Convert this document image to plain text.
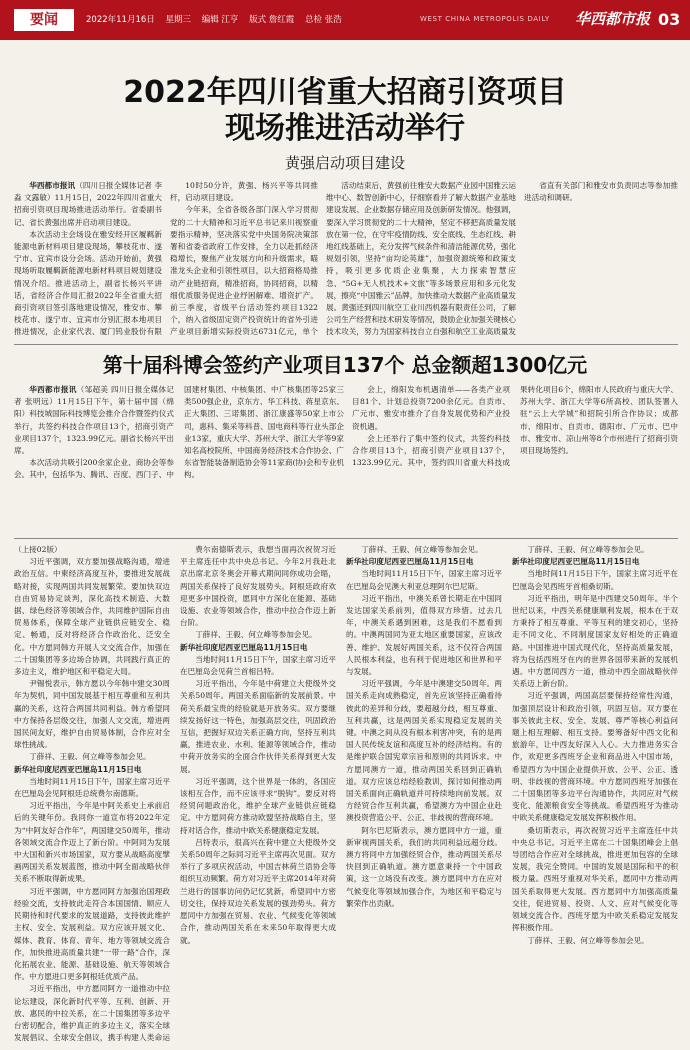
要闻	2022年11月16日 星期三 编辑 江亨 版式 詹红霞 总检 张浩	WEST CHINA METROPOLIS DAILY 华西都市报 03
2022年四川省重大招商引资项目
现场推进活动举行
黄强启动项目建设

华西都市报讯（四川日报全媒体记者 李淼 文露敏）11月15日，2022年四川省重大招商引资项目现场推进活动举行。省委副书记、省长黄强出席并启动项目建设。

本次活动主会场设在雅安经开区履羁新能源电新材料项目建设现场，攀枝花市、遂宁市、宜宾市设分会场。活动开始前，黄强现场听取履羁新能源电新材料项目规划建设情况介绍。推进活动上，副省长杨兴平讲话，省经济合作局汇报2022年全省重大招商引资项目签引落地建设情况，雅安市、攀枝花市、遂宁市、宜宾市分别汇报本地项目推进情况，企业家代表、厦门钨业股份有限

10时50分许，黄强、杨兴平等共同推杆，启动项目建设。

今年来，全省各级各部门深入学习贯彻党的二十大精神和习近平总书记来川视察重要指示精神，坚决落实党中央国务院决策部署和省委省政府工作安排，全力以赴抓经济稳增长，聚焦产业发展方向和升级需求，瞄准龙头企业和引领性项目，以大招商格局推动产业链招商，精准招商，协同招商，以精细优质服务促进企业纾困解难、增资扩产。前三季度，省级平台活动签约项目1322个，纳入省级固定资产投资统计的省外引进产业项目新增实际投资达6731亿元，单个

活动结束后，黄强前往雅安大数据产业园中国雅云运维中心、数智创新中心，仔细察看并了解大数据产业基地建设发展、企业数据存储应用及创新研发情况。他强调，要深入学习贯彻党的二十大精神，坚定不移把高质量发展放在第一位，在守牢疫情防线、安全底线、生态红线、耕地红线基础上，充分发挥气候条件和清洁能源优势，强化规划引领，坚持“亩均论英雄”，加强资源统筹和政策支持，吸引更多优质企业集聚，大力探索智慧应急、“5G+无人机技术+文旅”等多场景应用和多元化发展，擦亮“中国雅云”品牌，加快推动大数据产业高质量发展。黄强还到四川航空工业川西机器有限责任公司，了解公司生产经营和技术研发等情况，鼓励企业加强关键核心技术攻关，努力为国家科技自立自强和航空工业高质量发

省直有关部门和雅安市负责同志等参加推进活动和调研。

第十届科博会签约产业项目137个 总金额超1300亿元

华西都市报讯（邹超美 四川日报全媒体记者 张明远）11月15日下午，第十届中国（绵阳）科技城国际科技博览会推介合作暨签约仪式举行，共签约科技合作项目13个，招商引资产业项目137个，1323.99亿元。副省长杨兴平出席。

本次活动共吸引200余家企业、商协会等参会。其中，包括华为、腾讯、百度、西门子、中国建材集团、中核集团、中广核集团等25家三类500强企业，京东方、华工科技、蒋星京东、正大集团、三诺集团、浙江康盛等50家上市公司，惠科、集采等科普、国电商科等行业头部企业13家，重庆大学、苏州大学、浙江大学等9家知名高校院所、中国商务经济技术合作协会、广东省智能装备制造协会等11家商(协)会和专业机构。

会上，绵阳发布机遇清单——各类产业项目81个、计划总投资7200余亿元。自贡市、广元市、雅安市推介了自身发展优势和产业投资机遇。

会上还举行了集中签约仪式，共签约科技合作项目13个，招商引资产业项目137个，1323.99亿元。其中，签约四川省重大科技成果转化项目6个，绵阳市人民政府与重庆大学、苏州大学、浙江大学等6所高校、团队签署入驻“云上大学城”和招院引所合作协议；成都市、绵阳市、自贡市、德阳市、广元市、巴中市、雅安市、凉山州等8个市州进行了招商引资项目现场签约。

（上接02版）

习近平强调，双方要加强战略沟通，增进政治互信。中柬经济高度互补，要推进发展战略对接，实现两国共同发展繁荣。要加快双边自由贸易协定谈判，深化高技术制造、大数据、绿色经济等领域合作，共同维护国际自由贸易体系，保障全球产业链供应链安全、稳定、畅通，反对将经济合作政治化、泛安全化。中方愿同韩方开展人文交流合作，加强在二十国集团等多边场合协调，共同践行真正的多边主义，维护地区和平稳定大局。

尹锡悦表示，韩方愿以今年韩中建交30周年为契机，同中国发展基于相互尊重和互利共赢的关系，这符合两国共同利益。韩方希望同中方保持各层级交往，加强人文交流，增进两国民间友好，维护自由贸易体制，合作应对全球性挑战。

丁薛祥、王毅、何立峰等参加会见。

新华社印度尼西亚巴厘岛11月15日电

当地时间11月15日下午，国家主席习近平在巴厘岛会见阿根廷总统费尔南德斯。

习近平指出，今年是中阿关系史上承前启后的关键年份。我同你一道宣布将2022年定为“中阿友好合作年”，两国建交50周年，推动各领域交流合作迈上了新台阶。中阿同为发展中大国和新兴市场国家，双方要从战略高度擘画两国关系发展蓝图，推动中阿全面战略伙伴关系不断取得新成果。

习近平强调，中方愿同阿方加强治国理政经验交流，支持彼此走符合本国国情、顺应人民期待和时代要求的发展道路，支持彼此维护主权、安全、发展利益。双方应该开展文化、媒体、教育、体育、青年、地方等领域交流合作，加快推进高质量共建“一带一路”合作，深化拓展农业、能源、基础设施、航天等领域合作。中方愿进口更多阿根廷优质产品。

习近平指出，中方愿同阿方一道推动中拉论坛建设，深化新时代平等、互利、创新、开放、惠民的中拉关系，在二十国集团等多边平台密切配合，维护真正的多边主义，落实全球发展倡议、全球安全倡议，携手构建人类命运

费尔南德斯表示，我想当面再次祝贺习近平主席连任中共中央总书记。今年2月我赴北京出席北京冬奥会开幕式期间同你成功会晤，两国关系保持了良好发展势头。阿根廷政府欢迎更多中国投资，愿同中方深化在能源、基础设施、农业等领域合作，推动中拉合作迈上新台阶。

丁薛祥、王毅、何立峰等参加会见。

新华社印度尼西亚巴厘岛11月15日电

当地时间11月15日下午，国家主席习近平在巴厘岛会见荷兰首相吕特。

习近平指出，今年是中荷建立大使级外交关系50周年。两国关系面临新的发展前景。中荷关系最宝贵的经验就是开放务实。双方要继续发扬好这一特色，加强高层交往，巩固政治互信，把握好双边关系正确方向，坚持互利共赢，推进农业、水利、能源等领域合作，推动中荷开放务实的全面合作伙伴关系得到更大发展。

习近平强调，这个世界是一体的，各国应该相互合作，而不应该寻求“脱钩”。要反对将经贸问题政治化，维护全球产业链供应链稳定。中方愿同荷方推动欧盟坚持战略自主，坚持对话合作，推动中欧关系健康稳定发展。

吕特表示，很高兴在荷中建立大使级外交关系50周年之际同习近平主席再次见面。双方举行了多项庆祝活动，中国吉林荷兰语协会等组织互动频繁。荷方对习近平主席2014年对荷兰进行的国事访问仍记忆犹新，希望同中方密切交往，保持双边关系发展的强劲势头。荷方愿同中方加强在贸易、农业、气候变化等领域合作，推动两国关系在未来50年取得更大成就。

丁薛祥、王毅、何立峰等参加会见。

新华社印度尼西亚巴厘岛11月15日电

当地时间11月15日下午，国家主席习近平在巴厘岛会见澳大利亚总理阿尔巴尼斯。

习近平指出，中澳关系曾长期走在中国同发达国家关系前列，值得双方珍惜。过去几年，中澳关系遇到困难，这是我们不愿看到的。中澳两国同为亚太地区重要国家，应该改善、维护、发展好两国关系，这不仅符合两国人民根本利益，也有利于促进地区和世界和平与发展。

习近平强调，今年是中澳建交50周年。两国关系走向成熟稳定，首先应该坚持正确看待彼此的差异和分歧，要超越分歧，相互尊重、互利共赢，这是两国关系实现稳定发展的关键。中澳之间从没有根本利害冲突，有的是两国人民传统友谊和高度互补的经济结构。有的是维护联合国宪章宗旨和原则的共同诉求。中方愿同澳方一道，推动两国关系回到正确轨道。双方应该总结经验教训，探讨如何推动两国关系面向正确轨道并可持续地向前发展。双方经贸合作互利共赢，希望澳方为中国企业赴澳投资营造公平、公正、非歧视的营商环境。

阿尔巴尼斯表示，澳方愿同中方一道，重新审视两国关系，我们的共同利益远超分歧。澳方将同中方加强经贸合作，推动两国关系尽快回到正确轨道。澳方愿意秉持一个中国政策，这一立场没有改变。澳方愿同中方在应对气候变化等领域加强合作，为地区和平稳定与繁荣作出贡献。

丁薛祥、王毅、何立峰等参加会见。

新华社印度尼西亚巴厘岛11月15日电

当地时间11月15日下午，国家主席习近平在巴厘岛会见西班牙首相桑切斯。

习近平指出，明年是中西建交50周年。半个世纪以来，中西关系健康顺利发展，根本在于双方秉持了相互尊重、平等互利的建交初心，坚持走不同文化、不同制度国家友好相处的正确道路。中国推进中国式现代化，坚持高质量发展，将为包括西班牙在内的世界各国带来新的发展机遇。中方愿同西方一道，推动中西全面战略伙伴关系迈上新台阶。

习近平强调，两国高层要保持经常性沟通，加强顶层设计和政治引领，巩固互信。双方要在事关彼此主权、安全、发展、尊严等核心利益问题上相互理解、相互支持。要筹备好中西文化和旅游年，让中西友好深入人心。大力推进务实合作，欢迎更多西班牙企业和商品进入中国市场，希望西方为中国企业提供开放、公平、公正、透明、非歧视的营商环境。中方愿同西班牙加强在二十国集团等多边平台沟通协作，共同应对气候变化、能源粮食安全等挑战。希望西班牙为推动中欧关系健康稳定发展发挥积极作用。

桑切斯表示，再次祝贺习近平主席连任中共中央总书记。习近平主席在二十国集团峰会上倡导团结合作应对全球挑战，推进更加包容的全球发展，我完全赞同。中国的发展是国际和平的积极力量。西班牙重视对华关系，愿同中方推动两国关系取得更大发展。西方愿同中方加强高质量交往，促进贸易、投资、人文、应对气候变化等领域交流合作。西班牙愿为中欧关系稳定发展发挥积极作用。

丁薛祥、王毅、何立峰等参加会见。
